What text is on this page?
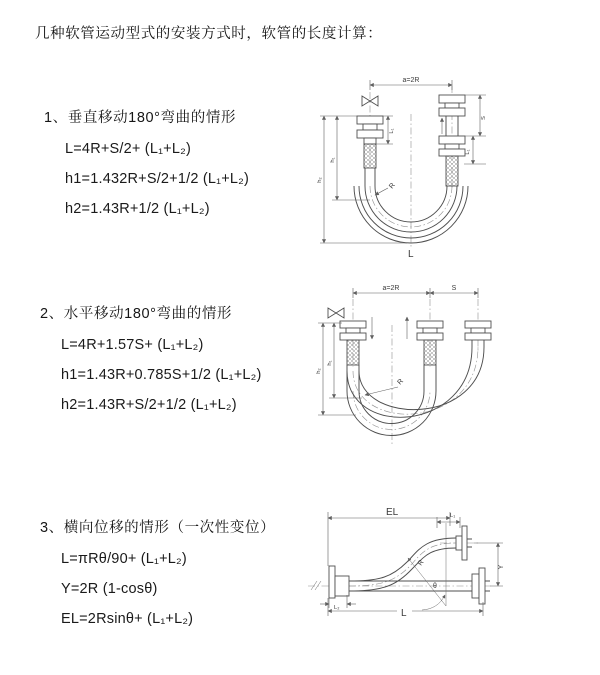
几种软管运动型式的安装方式时，软管的长度计算：
1、垂直移动180°弯曲的情形
L=4R+S/2+ (L₁+L₂)
h1=1.432R+S/2+1/2 (L₁+L₂)
h2=1.43R+1/2 (L₁+L₂)
2、水平移动180°弯曲的情形
L=4R+1.57S+ (L₁+L₂)
h1=1.43R+0.785S+1/2 (L₁+L₂)
h2=1.43R+S/2+1/2 (L₁+L₂)
3、横向位移的情形（一次性变位）
L=πRθ/90+ (L₁+L₂)
Y=2R (1-cosθ)
EL=2Rsinθ+ (L₁+L₂)
a=2R
S
L₁
L₁
h₁
h₂
R
L
a=2R	S
h₁
h₂
R
EL	L₁
Y
R
θ
L
L₂
